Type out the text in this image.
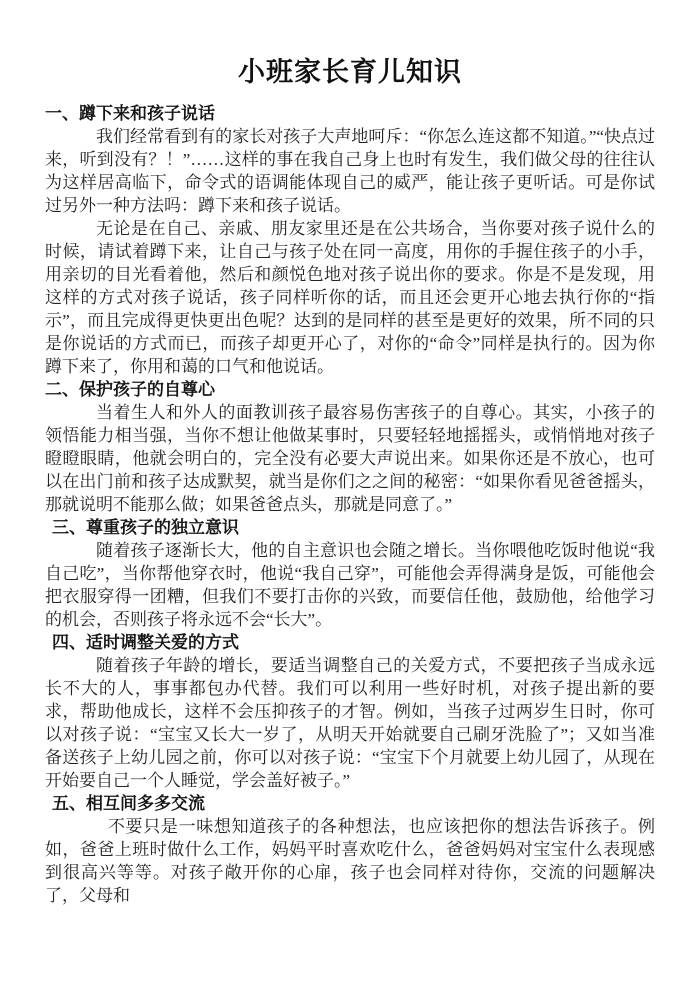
小班家长育儿知识
一、蹲下来和孩子说话

我们经常看到有的家长对孩子大声地呵斥：“你怎么连这都不知道。”“快点过来，听到没有？！”……这样的事在我自己身上也时有发生，我们做父母的往往认为这样居高临下，命令式的语调能体现自己的威严，能让孩子更听话。可是你试过另外一种方法吗：蹲下来和孩子说话。

无论是在自己、亲戚、朋友家里还是在公共场合，当你要对孩子说什么的时候，请试着蹲下来，让自己与孩子处在同一高度，用你的手握住孩子的小手，用亲切的目光看着他，然后和颜悦色地对孩子说出你的要求。你是不是发现，用这样的方式对孩子说话，孩子同样听你的话，而且还会更开心地去执行你的“指示”，而且完成得更快更出色呢？达到的是同样的甚至是更好的效果，所不同的只是你说话的方式而已，而孩子却更开心了，对你的“命令”同样是执行的。因为你蹲下来了，你用和蔼的口气和他说话。

二、保护孩子的自尊心

当着生人和外人的面教训孩子最容易伤害孩子的自尊心。其实，小孩子的领悟能力相当强，当你不想让他做某事时，只要轻轻地摇摇头，或悄悄地对孩子瞪瞪眼睛，他就会明白的，完全没有必要大声说出来。如果你还是不放心，也可以在出门前和孩子达成默契，就当是你们之之间的秘密：“如果你看见爸爸摇头，那就说明不能那么做；如果爸爸点头，那就是同意了。”

三、尊重孩子的独立意识

随着孩子逐渐长大，他的自主意识也会随之增长。当你喂他吃饭时他说“我自己吃”，当你帮他穿衣时，他说“我自己穿”，可能他会弄得满身是饭，可能他会把衣服穿得一团糟，但我们不要打击你的兴致，而要信任他，鼓励他，给他学习的机会，否则孩子将永远不会“长大”。

四、适时调整关爱的方式

随着孩子年龄的增长，要适当调整自己的关爱方式，不要把孩子当成永远长不大的人，事事都包办代替。我们可以利用一些好时机，对孩子提出新的要求，帮助他成长，这样不会压抑孩子的才智。例如，当孩子过两岁生日时，你可以对孩子说：“宝宝又长大一岁了，从明天开始就要自己刷牙洗脸了”；又如当准备送孩子上幼儿园之前，你可以对孩子说：“宝宝下个月就要上幼儿园了，从现在开始要自己一个人睡觉，学会盖好被子。”

五、相互间多多交流

不要只是一味想知道孩子的各种想法，也应该把你的想法告诉孩子。例如，爸爸上班时做什么工作，妈妈平时喜欢吃什么，爸爸妈妈对宝宝什么表现感到很高兴等等。对孩子敞开你的心扉，孩子也会同样对待你，交流的问题解决了，父母和
